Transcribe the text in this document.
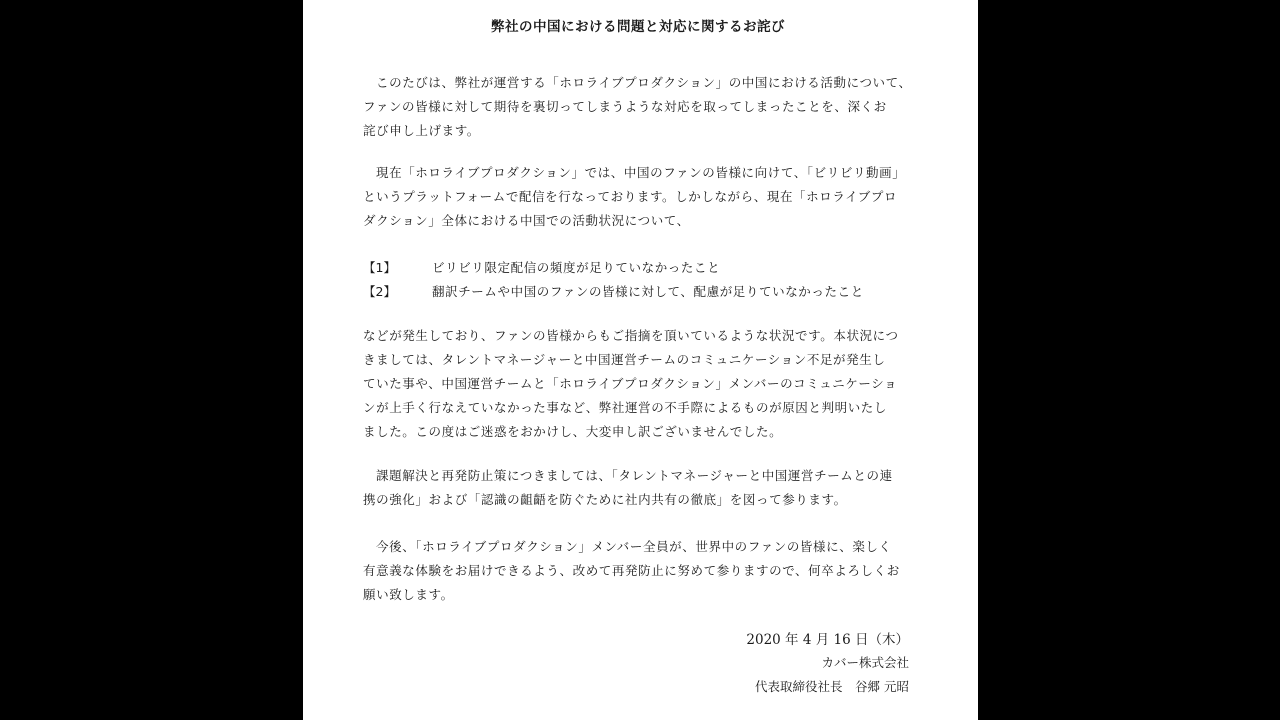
弊社の中国における問題と対応に関するお詫び
このたびは、弊社が運営する「ホロライブプロダクション」の中国における活動について、
ファンの皆様に対して期待を裏切ってしまうような対応を取ってしまったことを、深くお
詫び申し上げます。
現在「ホロライブプロダクション」では、中国のファンの皆様に向けて、「ビリビリ動画」
というプラットフォームで配信を行なっております。しかしながら、現在「ホロライブプロ
ダクション」全体における中国での活動状況について、
【1】	ビリビリ限定配信の頻度が足りていなかったこと
【2】	翻訳チームや中国のファンの皆様に対して、配慮が足りていなかったこと
などが発生しており、ファンの皆様からもご指摘を頂いているような状況です。本状況につ
きましては、タレントマネージャーと中国運営チームのコミュニケーション不足が発生し
ていた事や、中国運営チームと「ホロライブプロダクション」メンバーのコミュニケーショ
ンが上手く行なえていなかった事など、弊社運営の不手際によるものが原因と判明いたし
ました。この度はご迷惑をおかけし、大変申し訳ございませんでした。
課題解決と再発防止策につきましては、「タレントマネージャーと中国運営チームとの連
携の強化」および「認識の齟齬を防ぐために社内共有の徹底」を図って参ります。
今後、「ホロライブプロダクション」メンバー全員が、世界中のファンの皆様に、楽しく
有意義な体験をお届けできるよう、改めて再発防止に努めて参りますので、何卒よろしくお
願い致します。
2020 年 4 月 16 日（木）
カバー株式会社
代表取締役社長　谷郷 元昭
